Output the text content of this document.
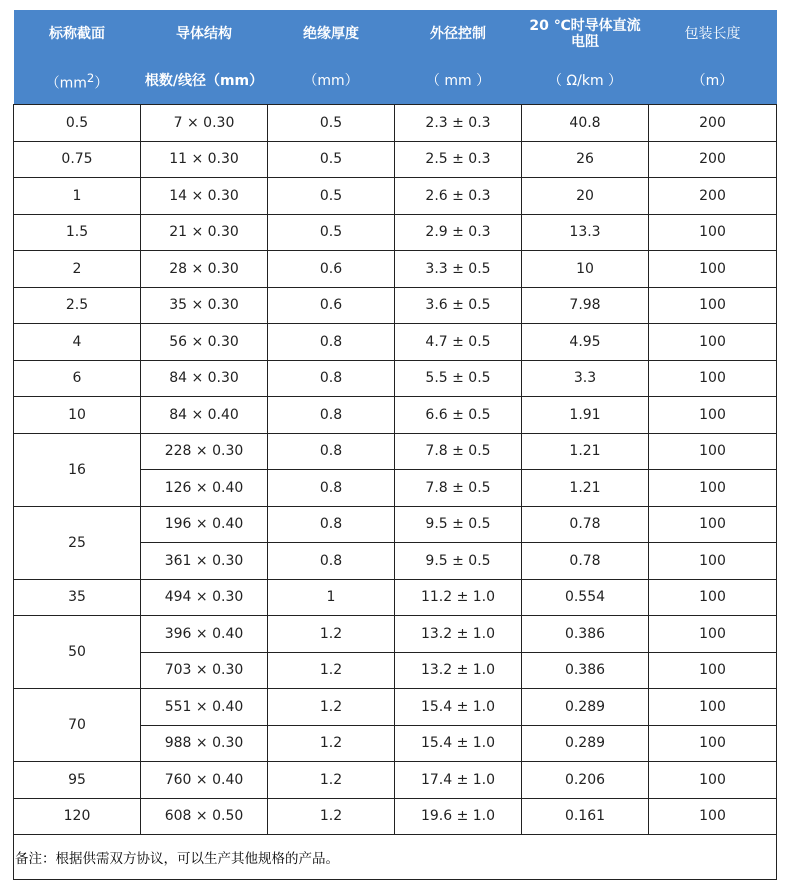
标称截面	导体结构	绝缘厚度	外径控制	20 ℃时导体直流电阻	包装长度
$(mm^2)$	根数/线径（mm）	（mm）	（ mm ）	（ Ω/km ）	（m）
0.5	7 × 0.30	0.5	2.3 ± 0.3	40.8	200
0.75	11 × 0.30	0.5	2.5 ± 0.3	26	200
1	14 × 0.30	0.5	2.6 ± 0.3	20	200
1.5	21 × 0.30	0.5	2.9 ± 0.3	13.3	100
2	28 × 0.30	0.6	3.3 ± 0.5	10	100
2.5	35 × 0.30	0.6	3.6 ± 0.5	7.98	100
4	56 × 0.30	0.8	4.7 ± 0.5	4.95	100
6	84 × 0.30	0.8	5.5 ± 0.5	3.3	100
10	84 × 0.40	0.8	6.6 ± 0.5	1.91	100
16	228 × 0.30	0.8	7.8 ± 0.5	1.21	100
	126 × 0.40	0.8	7.8 ± 0.5	1.21	100
25	196 × 0.40	0.8	9.5 ± 0.5	0.78	100
	361 × 0.30	0.8	9.5 ± 0.5	0.78	100
35	494 × 0.30	1	11.2 ± 1.0	0.554	100
50	396 × 0.40	1.2	13.2 ± 1.0	0.386	100
	703 × 0.30	1.2	13.2 ± 1.0	0.386	100
70	551 × 0.40	1.2	15.4 ± 1.0	0.289	100
	988 × 0.30	1.2	15.4 ± 1.0	0.289	100
95	760 × 0.40	1.2	17.4 ± 1.0	0.206	100
120	608 × 0.50	1.2	19.6 ± 1.0	0.161	100
备注：根据供需双方协议，可以生产其他规格的产品。					
